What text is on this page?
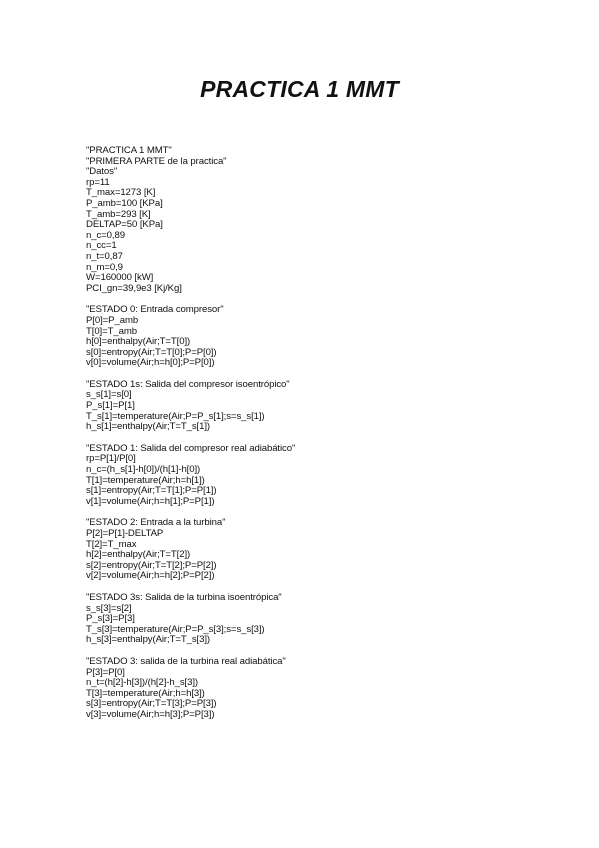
PRACTICA 1 MMT
"PRACTICA 1 MMT"
"PRIMERA PARTE de la practica"
"Datos"
rp=11
T_max=1273 [K]
P_amb=100 [KPa]
T_amb=293 [K]
DELTAP=50 [KPa]
n_c=0,89
n_cc=1
n_t=0,87
n_m=0,9
W=160000 [kW]
PCI_gn=39,9e3 [Kj/Kg]
"ESTADO 0: Entrada compresor"
P[0]=P_amb
T[0]=T_amb
h[0]=enthalpy(Air;T=T[0])
s[0]=entropy(Air;T=T[0];P=P[0])
v[0]=volume(Air;h=h[0];P=P[0])
"ESTADO 1s: Salida del compresor isoentrópico"
s_s[1]=s[0]
P_s[1]=P[1]
T_s[1]=temperature(Air;P=P_s[1];s=s_s[1])
h_s[1]=enthalpy(Air;T=T_s[1])
"ESTADO 1: Salida del compresor real adiabático"
rp=P[1]/P[0]
n_c=(h_s[1]-h[0])/(h[1]-h[0])
T[1]=temperature(Air;h=h[1])
s[1]=entropy(Air;T=T[1];P=P[1])
v[1]=volume(Air;h=h[1];P=P[1])
"ESTADO 2: Entrada a la turbina"
P[2]=P[1]-DELTAP
T[2]=T_max
h[2]=enthalpy(Air;T=T[2])
s[2]=entropy(Air;T=T[2];P=P[2])
v[2]=volume(Air;h=h[2];P=P[2])
"ESTADO 3s: Salida de la turbina isoentrópica"
s_s[3]=s[2]
P_s[3]=P[3]
T_s[3]=temperature(Air;P=P_s[3];s=s_s[3])
h_s[3]=enthalpy(Air;T=T_s[3])
"ESTADO 3: salida de la turbina real adiabática"
P[3]=P[0]
n_t=(h[2]-h[3])/(h[2]-h_s[3])
T[3]=temperature(Air;h=h[3])
s[3]=entropy(Air;T=T[3];P=P[3])
v[3]=volume(Air;h=h[3];P=P[3])
